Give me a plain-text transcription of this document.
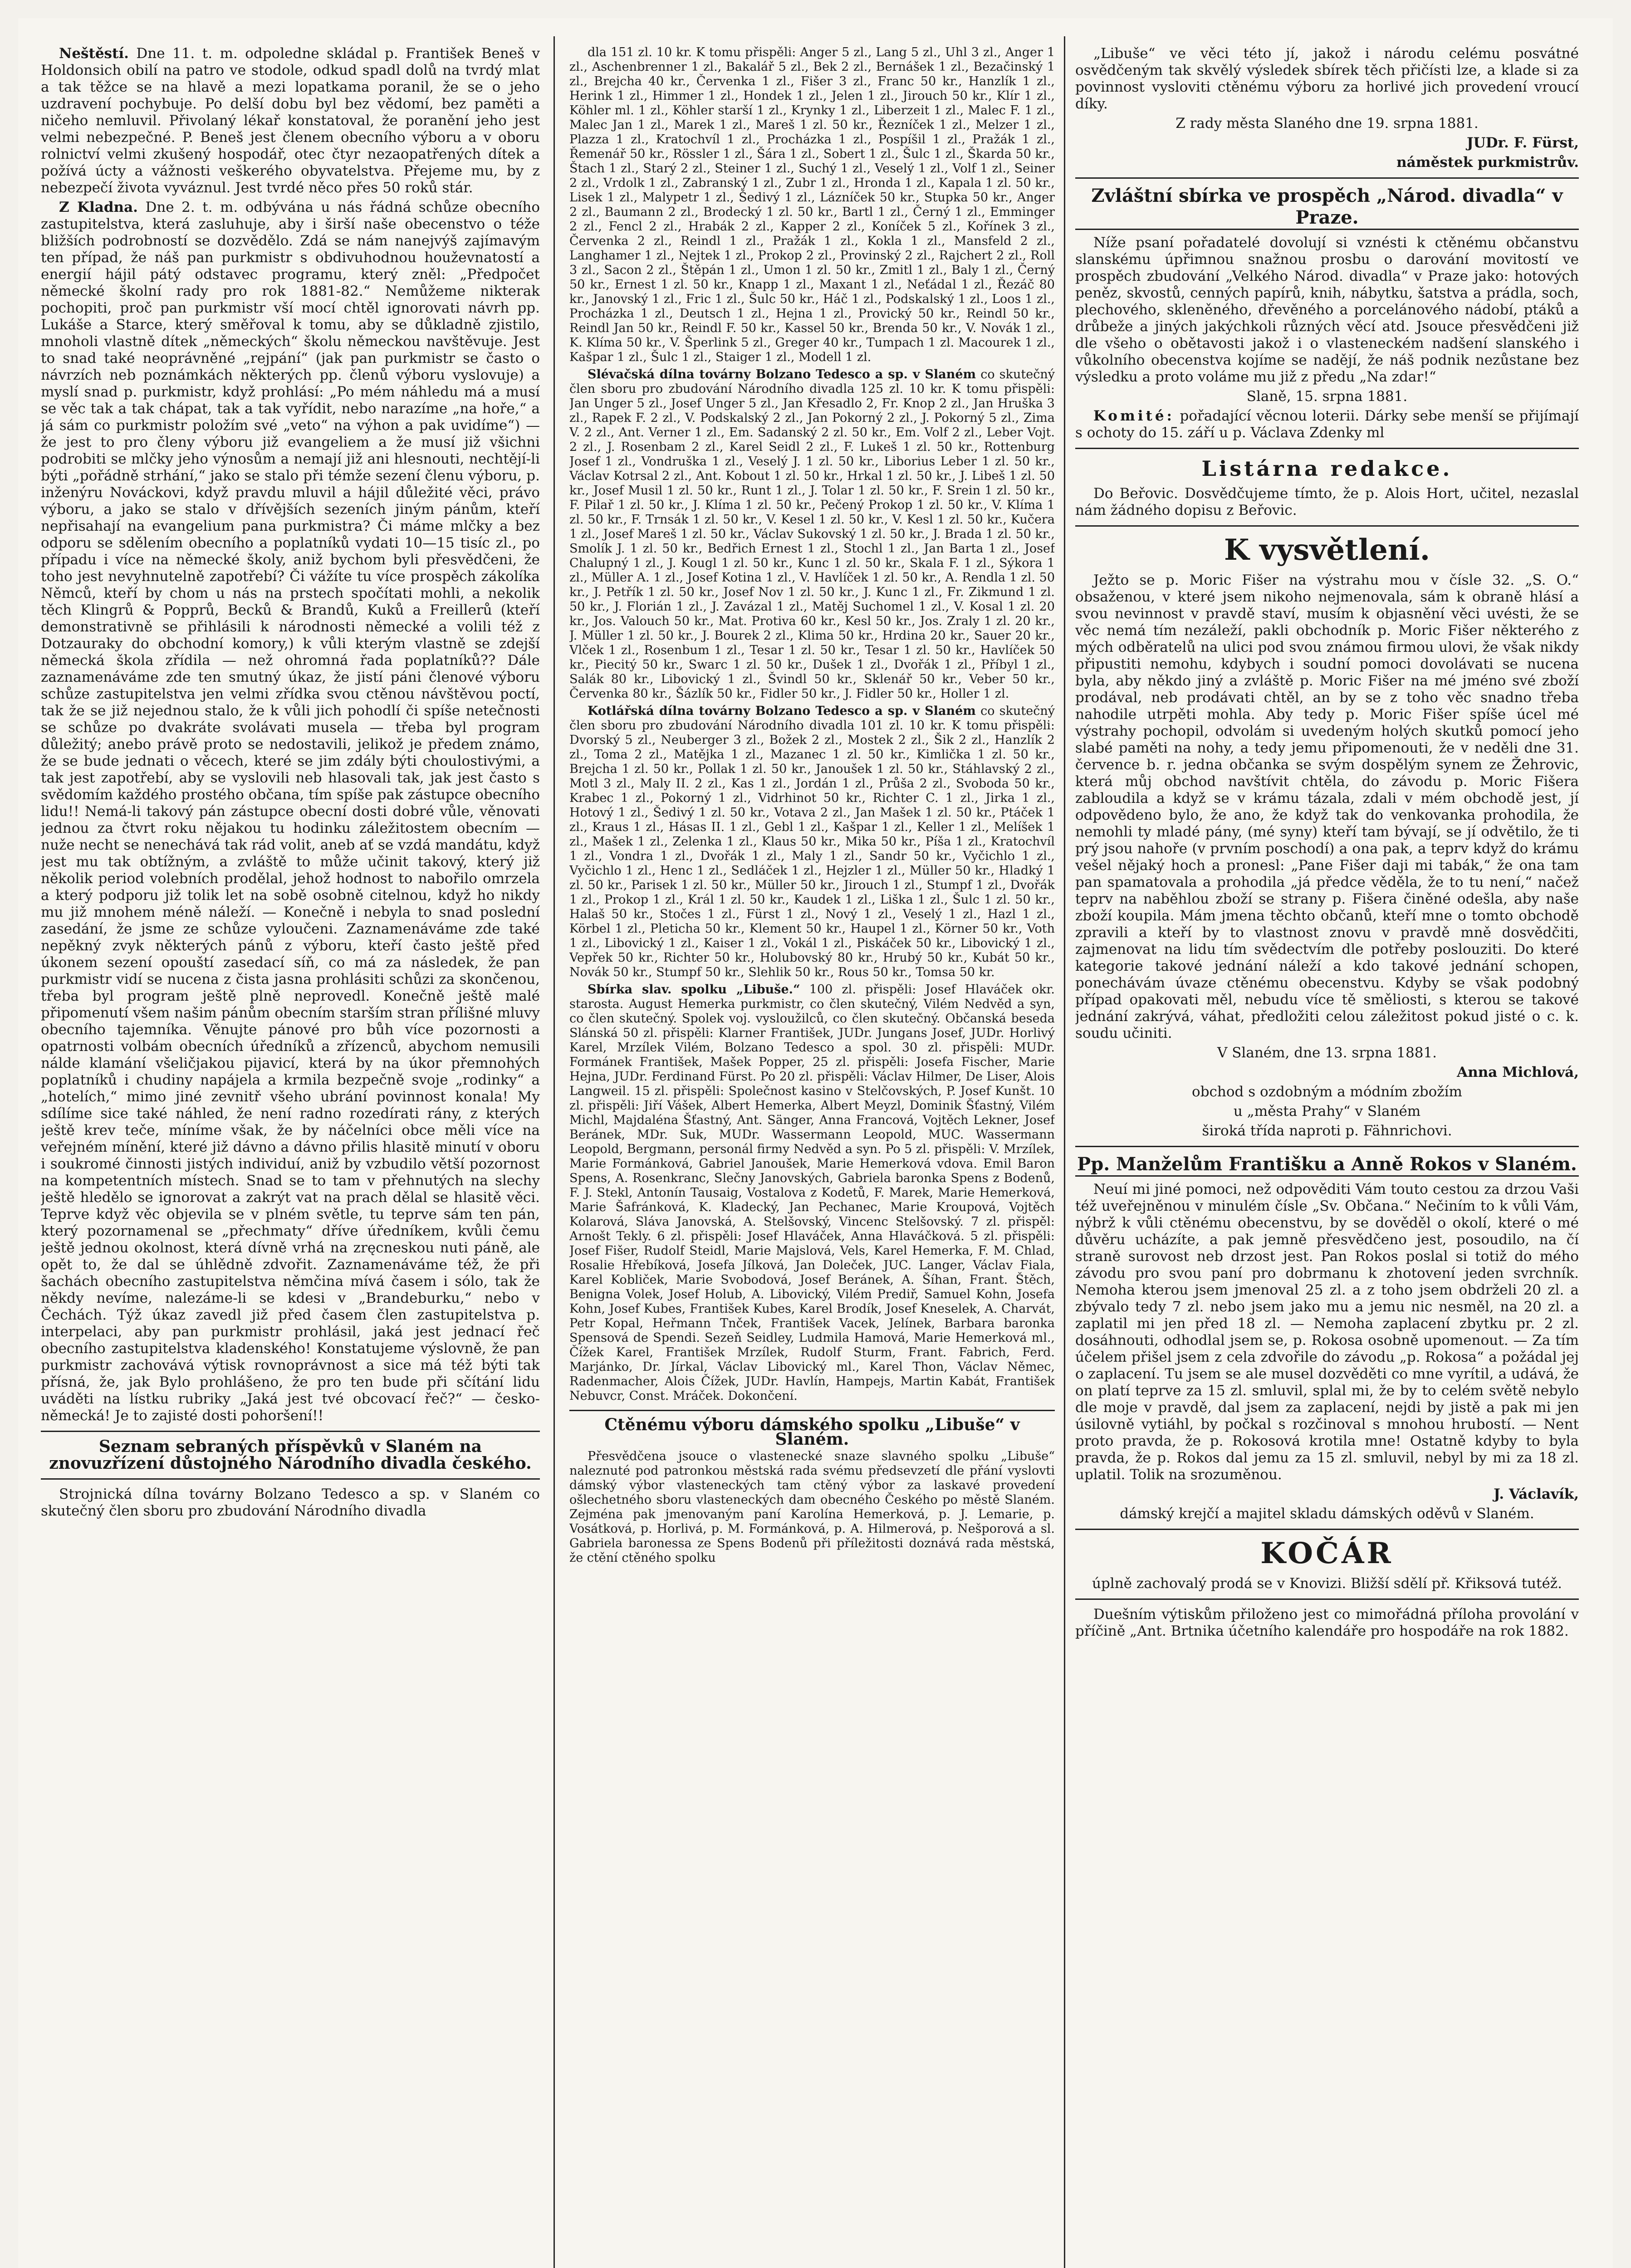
Neštěstí. Dne 11. t. m. odpoledne skládal p. František Beneš v Holdonsich obilí na patro ve stodole, odkud spadl dolů na tvrdý mlat a tak těžce se na hlavě a mezi lopatkama poranil, že se o jeho uzdravení pochybuje. Po delší dobu byl bez vědomí, bez paměti a ničeho nemluvil. Přivolaný lékař konstatoval, že poranění jeho jest velmi nebezpečné. P. Beneš jest členem obecního výboru a v oboru rolnictví velmi zkušený hospodář, otec čtyr nezaopatřených dítek a požívá úcty a vážnosti veškerého obyvatelstva. Přejeme mu, by z nebezpečí života vyváznul. Jest tvrdé něco přes 50 roků stár.

Z Kladna. Dne 2. t. m. odbývána u nás řádná schůze obecního zastupitelstva, která zasluhuje, aby i širší naše obecenstvo o téže bližších podrobností se dozvědělo. Zdá se nám nanejvýš zajímavým ten případ, že náš pan purkmistr s obdivuhodnou houževnatostí a energií hájil pátý odstavec programu, který zněl: „Předpočet německé školní rady pro rok 1881-82.“ Nemůžeme nikterak pochopiti, proč pan purkmistr vší mocí chtěl ignorovati návrh pp. Lukáše a Starce, který směřoval k tomu, aby se důkladně zjistilo, mnoholi vlastně dítek „německých“ školu německou navštěvuje. Jest to snad také neoprávněné „rejpání“ (jak pan purkmistr se často o návrzích neb poznámkách některých pp. členů výboru vyslovuje) a myslí snad p. purkmistr, když prohlásí: „Po mém náhledu má a musí se věc tak a tak chápat, tak a tak vyřídit, nebo narazíme „na hoře,“ a já sám co purkmistr položím své „veto“ na výhon a pak uvidíme“) — že jest to pro členy výboru již evangeliem a že musí již všichni podrobiti se mlčky jeho výnosům a nemají již ani hlesnouti, nechtějí-li býti „pořádně strhání,“ jako se stalo při témže sezení členu výboru, p. inženýru Nováckovi, když pravdu mluvil a hájil důležité věci, právo výboru, a jako se stalo v dřívějších sezeních jiným pánům, kteří nepřisahají na evangelium pana purkmistra? Či máme mlčky a bez odporu se sdělením obecního a poplatníků vydati 10—15 tisíc zl., po případu i více na německé školy, aniž bychom byli přesvědčeni, že toho jest nevyhnutelně zapotřebí? Či vážíte tu více prospěch zákolíka Němců, kteří by chom u nás na prstech spočítati mohli, a nekolik těch Klingrů & Popprů, Becků & Brandů, Kuků a Freillerů (kteří demonstrativně se přihlásili k národnosti německé a volili též z Dotzauraky do obchodní komory,) k vůli kterým vlastně se zdejší německá škola zřídila — než ohromná řada poplatníků?? Dále zaznamenáváme zde ten smutný úkaz, že jistí páni členové výboru schůze zastupitelstva jen velmi zřídka svou ctěnou návštěvou poctí, tak že se již nejednou stalo, že k vůli jich pohodlí či spíše netečnosti se schůze po dvakráte svolávati musela — třeba byl program důležitý; anebo právě proto se nedostavili, jelikož je předem známo, že se bude jednati o věcech, které se jim zdály býti choulostivými, a tak jest zapotřebí, aby se vyslovili neb hlasovali tak, jak jest často s svědomím každého prostého občana, tím spíše pak zástupce obecního lidu!! Nemá-li takový pán zástupce obecní dosti dobré vůle, věnovati jednou za čtvrt roku nějakou tu hodinku záležitostem obecním — nuže necht se nenechává tak rád volit, aneb ať se vzdá mandátu, když jest mu tak obtížným, a zvláště to může učinit takový, který již několik period volebních prodělal, jehož hodnost to nabořilo omrzela a který podporu již tolik let na sobě osobně citelnou, když ho nikdy mu již mnohem méně náleží. — Konečně i nebyla to snad poslední zasedání, že jsme ze schůze vyloučeni. Zaznamenáváme zde také nepěkný zvyk některých pánů z výboru, kteří často ještě před úkonem sezení opouští zasedací síň, co má za následek, že pan purkmistr vidí se nucena z čista jasna prohlásiti schůzi za skončenou, třeba byl program ještě plně neprovedl. Konečně ještě malé připomenutí všem našim pánům obecním starším stran přílišné mluvy obecního tajemníka. Věnujte pánové pro bůh více pozornosti a opatrnosti volbám obecních úředníků a zřízenců, abychom nemusili nálde klamání všeličjakou pijavicí, která by na úkor přemnohých poplatníků i chudiny napájela a krmila bezpečně svoje „rodinky“ a „hotelích,“ mimo jiné zevnitř všeho ubrání povinnost konala! My sdílíme sice také náhled, že není radno rozedírati rány, z kterých ještě krev teče, míníme však, že by náčelníci obce měli více na veřejném mínění, které již dávno a dávno přilis hlasitě minutí v oboru i soukromé činnosti jistých individuí, aniž by vzbudilo větší pozornost na kompetentních místech. Snad se to tam v přehnutých na slechy ještě hledělo se ignorovat a zakrýt vat na prach dělal se hlasitě věci. Teprve když věc objevila se v plném světle, tu teprve sám ten pán, který pozornamenal se „přechmaty“ dříve úředníkem, kvůli čemu ještě jednou okolnost, která dívně vrhá na zręcneskou nuti páně, ale opět to, že dal se úhlědně zdvořit. Zaznamenáváme též, že při šachách obecního zastupitelstva němčina mívá časem i sólo, tak že někdy nevíme, nalezáme-li se kdesi v „Brandeburku,“ nebo v Čechách. Týž úkaz zavedl již před časem člen zastupitelstva p. interpelaci, aby pan purkmistr prohlásil, jaká jest jednací řeč obecního zastupitelstva kladenského! Konstatujeme výslovně, že pan purkmistr zachovává výtisk rovnoprávnost a sice má též býti tak přísná, že, jak Bylo prohlášeno, že pro ten bude při sčítání lidu uváděti na lístku rubriky „Jaká jest tvé obcovací řeč?“ — česko-německá! Je to zajisté dosti pohoršení!!

Seznam sebraných příspěvků v Slaném na znovuzřízení důstojného Národního divadla českého.

Strojnická dílna továrny Bolzano Tedesco a sp. v Slaném co skutečný člen sboru pro zbudování Národního divadla

dla 151 zl. 10 kr. K tomu přispěli: Anger 5 zl., Lang 5 zl., Uhl 3 zl., Anger 1 zl., Aschenbrenner 1 zl., Bakalář 5 zl., Bek 2 zl., Bernášek 1 zl., Bezačinský 1 zl., Brejcha 40 kr., Červenka 1 zl., Fišer 3 zl., Franc 50 kr., Hanzlík 1 zl., Herink 1 zl., Himmer 1 zl., Hondek 1 zl., Jelen 1 zl., Jirouch 50 kr., Klír 1 zl., Köhler ml. 1 zl., Köhler starší 1 zl., Krynky 1 zl., Liberzeit 1 zl., Malec F. 1 zl., Malec Jan 1 zl., Marek 1 zl., Mareš 1 zl. 50 kr., Řezníček 1 zl., Melzer 1 zl., Plazza 1 zl., Kratochvíl 1 zl., Procházka 1 zl., Pospíšil 1 zl., Pražák 1 zl., Řemenář 50 kr., Rössler 1 zl., Šára 1 zl., Sobert 1 zl., Šulc 1 zl., Škarda 50 kr., Štach 1 zl., Starý 2 zl., Steiner 1 zl., Suchý 1 zl., Veselý 1 zl., Volf 1 zl., Seiner 2 zl., Vrdolk 1 zl., Zabranský 1 zl., Zubr 1 zl., Hronda 1 zl., Kapala 1 zl. 50 kr., Lisek 1 zl., Malypetr 1 zl., Šedivý 1 zl., Lázníček 50 kr., Stupka 50 kr., Anger 2 zl., Baumann 2 zl., Brodecký 1 zl. 50 kr., Bartl 1 zl., Černý 1 zl., Emminger 2 zl., Fencl 2 zl., Hrabák 2 zl., Kapper 2 zl., Koníček 5 zl., Kořínek 3 zl., Červenka 2 zl., Reindl 1 zl., Pražák 1 zl., Kokla 1 zl., Mansfeld 2 zl., Langhamer 1 zl., Nejtek 1 zl., Prokop 2 zl., Provinský 2 zl., Rajchert 2 zl., Roll 3 zl., Sacon 2 zl., Štěpán 1 zl., Umon 1 zl. 50 kr., Zmitl 1 zl., Baly 1 zl., Černý 50 kr., Ernest 1 zl. 50 kr., Knapp 1 zl., Maxant 1 zl., Neťádal 1 zl., Řezáč 80 kr., Janovský 1 zl., Fric 1 zl., Šulc 50 kr., Háč 1 zl., Podskalský 1 zl., Loos 1 zl., Procházka 1 zl., Deutsch 1 zl., Hejna 1 zl., Provický 50 kr., Reindl 50 kr., Reindl Jan 50 kr., Reindl F. 50 kr., Kassel 50 kr., Brenda 50 kr., V. Novák 1 zl., K. Klíma 50 kr., V. Šperlink 5 zl., Greger 40 kr., Tumpach 1 zl. Macourek 1 zl., Kašpar 1 zl., Šulc 1 zl., Staiger 1 zl., Modell 1 zl.

Slévačská dílna továrny Bolzano Tedesco a sp. v Slaném co skutečný člen sboru pro zbudování Národního divadla 125 zl. 10 kr. K tomu přispěli: Jan Unger 5 zl., Josef Unger 5 zl., Jan Křesadlo 2, Fr. Knop 2 zl., Jan Hruška 3 zl., Rapek F. 2 zl., V. Podskalský 2 zl., Jan Pokorný 2 zl., J. Pokorný 5 zl., Zima V. 2 zl., Ant. Verner 1 zl., Em. Sadanský 2 zl. 50 kr., Em. Volf 2 zl., Leber Vojt. 2 zl., J. Rosenbam 2 zl., Karel Seidl 2 zl., F. Lukeš 1 zl. 50 kr., Rottenburg Josef 1 zl., Vondruška 1 zl., Veselý J. 1 zl. 50 kr., Liborius Leber 1 zl. 50 kr., Václav Kotrsal 2 zl., Ant. Kobout 1 zl. 50 kr., Hrkal 1 zl. 50 kr., J. Libeš 1 zl. 50 kr., Josef Musil 1 zl. 50 kr., Runt 1 zl., J. Tolar 1 zl. 50 kr., F. Srein 1 zl. 50 kr., F. Pilař 1 zl. 50 kr., J. Klíma 1 zl. 50 kr., Pečený Prokop 1 zl. 50 kr., V. Klíma 1 zl. 50 kr., F. Trnsák 1 zl. 50 kr., V. Kesel 1 zl. 50 kr., V. Kesl 1 zl. 50 kr., Kučera 1 zl., Josef Mareš 1 zl. 50 kr., Václav Sukovský 1 zl. 50 kr., J. Brada 1 zl. 50 kr., Smolík J. 1 zl. 50 kr., Bedřich Ernest 1 zl., Stochl 1 zl., Jan Barta 1 zl., Josef Chalupný 1 zl., J. Kougl 1 zl. 50 kr., Kunc 1 zl. 50 kr., Skala F. 1 zl., Sýkora 1 zl., Müller A. 1 zl., Josef Kotina 1 zl., V. Havlíček 1 zl. 50 kr., A. Rendla 1 zl. 50 kr., J. Petřík 1 zl. 50 kr., Josef Nov 1 zl. 50 kr., J. Kunc 1 zl., Fr. Zikmund 1 zl. 50 kr., J. Florián 1 zl., J. Zavázal 1 zl., Matěj Suchomel 1 zl., V. Kosal 1 zl. 20 kr., Jos. Valouch 50 kr., Mat. Protiva 60 kr., Kesl 50 kr., Jos. Zraly 1 zl. 20 kr., J. Müller 1 zl. 50 kr., J. Bourek 2 zl., Klima 50 kr., Hrdina 20 kr., Sauer 20 kr., Vlček 1 zl., Rosenbum 1 zl., Tesar 1 zl. 50 kr., Tesar 1 zl. 50 kr., Havlíček 50 kr., Piecitý 50 kr., Swarc 1 zl. 50 kr., Dušek 1 zl., Dvořák 1 zl., Příbyl 1 zl., Salák 80 kr., Libovický 1 zl., Švindl 50 kr., Sklenář 50 kr., Veber 50 kr., Červenka 80 kr., Šázlík 50 kr., Fidler 50 kr., J. Fidler 50 kr., Holler 1 zl.

Kotlářská dílna továrny Bolzano Tedesco a sp. v Slaném co skutečný člen sboru pro zbudování Národního divadla 101 zl. 10 kr. K tomu přispěli: Dvorský 5 zl., Neuberger 3 zl., Božek 2 zl., Mostek 2 zl., Šik 2 zl., Hanzlík 2 zl., Toma 2 zl., Matějka 1 zl., Mazanec 1 zl. 50 kr., Kimlička 1 zl. 50 kr., Brejcha 1 zl. 50 kr., Pollak 1 zl. 50 kr., Janoušek 1 zl. 50 kr., Stáhlavský 2 zl., Motl 3 zl., Maly II. 2 zl., Kas 1 zl., Jordán 1 zl., Průša 2 zl., Svoboda 50 kr., Krabec 1 zl., Pokorný 1 zl., Vidrhinot 50 kr., Richter C. 1 zl., Jirka 1 zl., Hotový 1 zl., Šedivý 1 zl. 50 kr., Votava 2 zl., Jan Mašek 1 zl. 50 kr., Ptáček 1 zl., Kraus 1 zl., Hásas II. 1 zl., Gebl 1 zl., Kašpar 1 zl., Keller 1 zl., Melíšek 1 zl., Mašek 1 zl., Zelenka 1 zl., Klaus 50 kr., Mika 50 kr., Píša 1 zl., Kratochvíl 1 zl., Vondra 1 zl., Dvořák 1 zl., Maly 1 zl., Sandr 50 kr., Vyčichlo 1 zl., Vyčichlo 1 zl., Henc 1 zl., Sedláček 1 zl., Hejzler 1 zl., Müller 50 kr., Hladký 1 zl. 50 kr., Parisek 1 zl. 50 kr., Müller 50 kr., Jirouch 1 zl., Stumpf 1 zl., Dvořák 1 zl., Prokop 1 zl., Král 1 zl. 50 kr., Kaudek 1 zl., Liška 1 zl., Šulc 1 zl. 50 kr., Halaš 50 kr., Stočes 1 zl., Fürst 1 zl., Nový 1 zl., Veselý 1 zl., Hazl 1 zl., Körbel 1 zl., Pleticha 50 kr., Klement 50 kr., Haupel 1 zl., Körner 50 kr., Voth 1 zl., Libovický 1 zl., Kaiser 1 zl., Vokál 1 zl., Piskáček 50 kr., Libovický 1 zl., Vepřek 50 kr., Richter 50 kr., Holubovský 80 kr., Hrubý 50 kr., Kubát 50 kr., Novák 50 kr., Stumpf 50 kr., Slehlik 50 kr., Rous 50 kr., Tomsa 50 kr.

Sbírka slav. spolku „Libuše.“ 100 zl. přispěli: Josef Hlaváček okr. starosta. August Hemerka purkmistr, co člen skutečný, Vilém Nedvěd a syn, co člen skutečný. Spolek voj. vysloužilců, co člen skutečný. Občanská beseda Slánská 50 zl. přispěli: Klarner František, JUDr. Jungans Josef, JUDr. Horlivý Karel, Mrzílek Vilém, Bolzano Tedesco a spol. 30 zl. přispěli: MUDr. Formánek František, Mašek Popper, 25 zl. přispěli: Josefa Fischer, Marie Hejna, JUDr. Ferdinand Fürst. Po 20 zl. přispěli: Václav Hilmer, De Liser, Alois Langweil. 15 zl. přispěli: Společnost kasino v Stelčovských, P. Josef Kunšt. 10 zl. přispěli: Jiří Vášek, Albert Hemerka, Albert Meyzl, Dominik Šťastný, Vilém Michl, Majdaléna Šťastný, Ant. Sänger, Anna Francová, Vojtěch Lekner, Josef Beránek, MDr. Suk, MUDr. Wassermann Leopold, MUC. Wassermann Leopold, Bergmann, personál firmy Nedvěd a syn. Po 5 zl. přispěli: V. Mrzílek, Marie Formánková, Gabriel Janoušek, Marie Hemerková vdova. Emil Baron Spens, A. Rosenkranc, Slečny Janovských, Gabriela baronka Spens z Bodenů, F. J. Stekl, Antonín Tausaig, Vostalova z Kodetů, F. Marek, Marie Hemerková, Marie Šafránková, K. Kladecký, Jan Pechanec, Marie Kroupová, Vojtěch Kolarová, Sláva Janovská, A. Stelšovský, Vincenc Stelšovský. 7 zl. přispěl: Arnošt Tekly. 6 zl. přispěli: Josef Hlaváček, Anna Hlaváčková. 5 zl. přispěli: Josef Fišer, Rudolf Steidl, Marie Majslová, Vels, Karel Hemerka, F. M. Chlad, Rosalie Hřebíková, Josefa Jílková, Jan Doleček, JUC. Langer, Václav Fiala, Karel Kobliček, Marie Svobodová, Josef Beránek, A. Šíhan, Frant. Štěch, Benigna Volek, Josef Holub, A. Libovický, Vilém Prediř, Samuel Kohn, Josefa Kohn, Josef Kubes, František Kubes, Karel Brodík, Josef Kneselek, A. Charvát, Petr Kopal, Heřmann Tnček, František Vacek, Jelínek, Barbara baronka Spensová de Spendi. Sezeň Seidley, Ludmila Hamová, Marie Hemerková ml., Čížek Karel, František Mrzílek, Rudolf Sturm, Frant. Fabrich, Ferd. Marjánko, Dr. Jírkal, Václav Libovický ml., Karel Thon, Václav Němec, Radenmacher, Alois Čížek, JUDr. Havlín, Hampejs, Martin Kabát, František Nebuvcr, Const. Mráček. Dokončení.

Ctěnému výboru dámského spolku „Libuše“ v Slaném.

Přesvědčena jsouce o vlastenecké snaze slavného spolku „Libuše“ naleznuté pod patronkou městská rada svému předsevzetí dle přání vyslovti dámský výbor vlasteneckých tam ctěný výbor za laskavé provedení ošlechetného sboru vlasteneckých dam obecného Českého po městě Slaném. Zejména pak jmenovaným paní Karolína Hemerková, p. J. Lemarie, p. Vosátková, p. Horlivá, p. M. Formánková, p. A. Hilmerová, p. Nešporová a sl. Gabriela baronessa ze Spens Bodenů při příležitosti doznává rada městská, že ctění ctěného spolku

„Libuše“ ve věci této jí, jakož i národu celému posvátné osvědčeným tak skvělý výsledek sbírek těch přičísti lze, a klade si za povinnost vysloviti ctěnému výboru za horlivé jich provedení vroucí díky.

Z rady města Slaného dne 19. srpna 1881.

JUDr. F. Fürst,

náměstek purkmistrův.

Zvláštní sbírka ve prospěch „Národ. divadla“ v Praze.

Níže psaní pořadatelé dovolují si vznésti k ctěnému občanstvu slanskému úpřimnou snažnou prosbu o darování movitostí ve prospěch zbudování „Velkého Národ. divadla“ v Praze jako: hotových peněz, skvostů, cenných papírů, knih, nábytku, šatstva a prádla, soch, plechového, skleněného, dřevěného a porcelánového nádobí, ptáků a drůbeže a jiných jakýchkoli různých věcí atd. Jsouce přesvědčeni již dle všeho o obětavosti jakož i o vlasteneckém nadšení slanského i vůkolního obecenstva kojíme se nadějí, že náš podnik nezůstane bez výsledku a proto voláme mu již z předu „Na zdar!“

Slaně, 15. srpna 1881.

Komité: pořadající věcnou loterii. Dárky sebe menší se přijímají s ochoty do 15. září u p. Václava Zdenky ml

Listárna redakce.

Do Beřovic. Dosvědčujeme tímto, že p. Alois Hort, učitel, nezaslal nám žádného dopisu z Beřovic.

K vysvětlení.

Ježto se p. Moric Fišer na výstrahu mou v čísle 32. „S. O.“ obsaženou, v které jsem nikoho nejmenovala, sám k obraně hlásí a svou nevinnost v pravdě staví, musím k objasnění věci uvésti, že se věc nemá tím nezáleží, pakli obchodník p. Moric Fišer některého z mých odběratelů na ulici pod svou známou firmou ulovi, že však nikdy připustiti nemohu, kdybych i soudní pomoci dovolávati se nucena byla, aby někdo jiný a zvláště p. Moric Fišer na mé jméno své zboží prodával, neb prodávati chtěl, an by se z toho věc snadno třeba nahodile utrpěti mohla. Aby tedy p. Moric Fišer spíše úcel mé výstrahy pochopil, odvolám si uvedeným holých skutků pomocí jeho slabé paměti na nohy, a tedy jemu připomenouti, že v neděli dne 31. července b. r. jedna občanka se svým dospělým synem ze Žehrovic, která můj obchod navštívit chtěla, do závodu p. Moric Fišera zabloudila a když se v krámu tázala, zdali v mém obchodě jest, jí odpovědeno bylo, že ano, že když tak do venkovanka prohodila, že nemohli ty mladé pány, (mé syny) kteří tam bývají, se jí odvětilo, že ti prý jsou nahoře (v prvním poschodí) a ona pak, a teprv když do krámu vešel nějaký hoch a pronesl: „Pane Fišer daji mi tabák,“ že ona tam pan spamatovala a prohodila „já předce věděla, že to tu není,“ načež teprv na naběhlou zboží se strany p. Fišera činěné odešla, aby naše zboží koupila. Mám jmena těchto občanů, kteří mne o tomto obchodě zpravili a kteří by to vlastnost znovu v pravdě mně dosvědčiti, zajmenovat na lidu tím svědectvím dle potřeby poslouziti. Do které kategorie takové jednání náleží a kdo takové jednání schopen, ponechávám úvaze ctěnému obecenstvu. Kdyby se však podobný případ opakovati měl, nebudu více tě směliosti, s kterou se takové jednání zakrývá, váhat, předložiti celou záležitost pokud jisté o c. k. soudu učiniti.

V Slaném, dne 13. srpna 1881.

Anna Michlová,

obchod s ozdobným a módním zbožím

u „města Prahy“ v Slaném

široká třída naproti p. Fähnrichovi.

Pp. Manželům Františku a Anně Rokos v Slaném.

Neuí mi jiné pomoci, než odpověditi Vám touto cestou za drzou Vaši též uveřejněnou v minulém čísle „Sv. Občana.“ Nečiním to k vůli Vám, nýbrž k vůli ctěnému obecenstvu, by se dověděl o okolí, které o mé důvěru ucházíte, a pak jemně přesvědčeno jest, posoudilo, na čí straně surovost neb drzost jest. Pan Rokos poslal si totiž do mého závodu pro svou paní pro dobrmanu k zhotovení jeden svrchník. Nemoha kterou jsem jmenoval 25 zl. a z toho jsem obdrželi 20 zl. a zbývalo tedy 7 zl. nebo jsem jako mu a jemu nic nesměl, na 20 zl. a zaplatil mi jen před 18 zl. — Nemoha zaplacení zbytku pr. 2 zl. dosáhnouti, odhodlal jsem se, p. Rokosa osobně upomenout. — Za tím účelem přišel jsem z cela zdvořile do závodu „p. Rokosa“ a požádal jej o zaplacení. Tu jsem se ale musel dozvěděti co mne vyrítil, a udává, že on platí teprve za 15 zl. smluvil, splal mi, že by to celém světě nebylo dle moje v pravdě, dal jsem za zaplacení, nejdi by jistě a pak mi jen úsilovně vytiáhl, by počkal s rozčinoval s mnohou hrubostí. — Nent proto pravda, že p. Rokosová krotila mne! Ostatně kdyby to byla pravda, že p. Rokos dal jemu za 15 zl. smluvil, nebyl by mi za 18 zl. uplatil. Tolik na srozuměnou.

J. Václavík,

dámský krejčí a majitel skladu dámských oděvů v Slaném.

KOČÁR

úplně zachovalý prodá se v Knovizi. Bližší sdělí př. Křiksová tutéž.

Duešním výtiskům přiloženo jest co mimořádná příloha provolání v příčině „Ant. Brtnika účetního kalendáře pro hospodáře na rok 1882.
